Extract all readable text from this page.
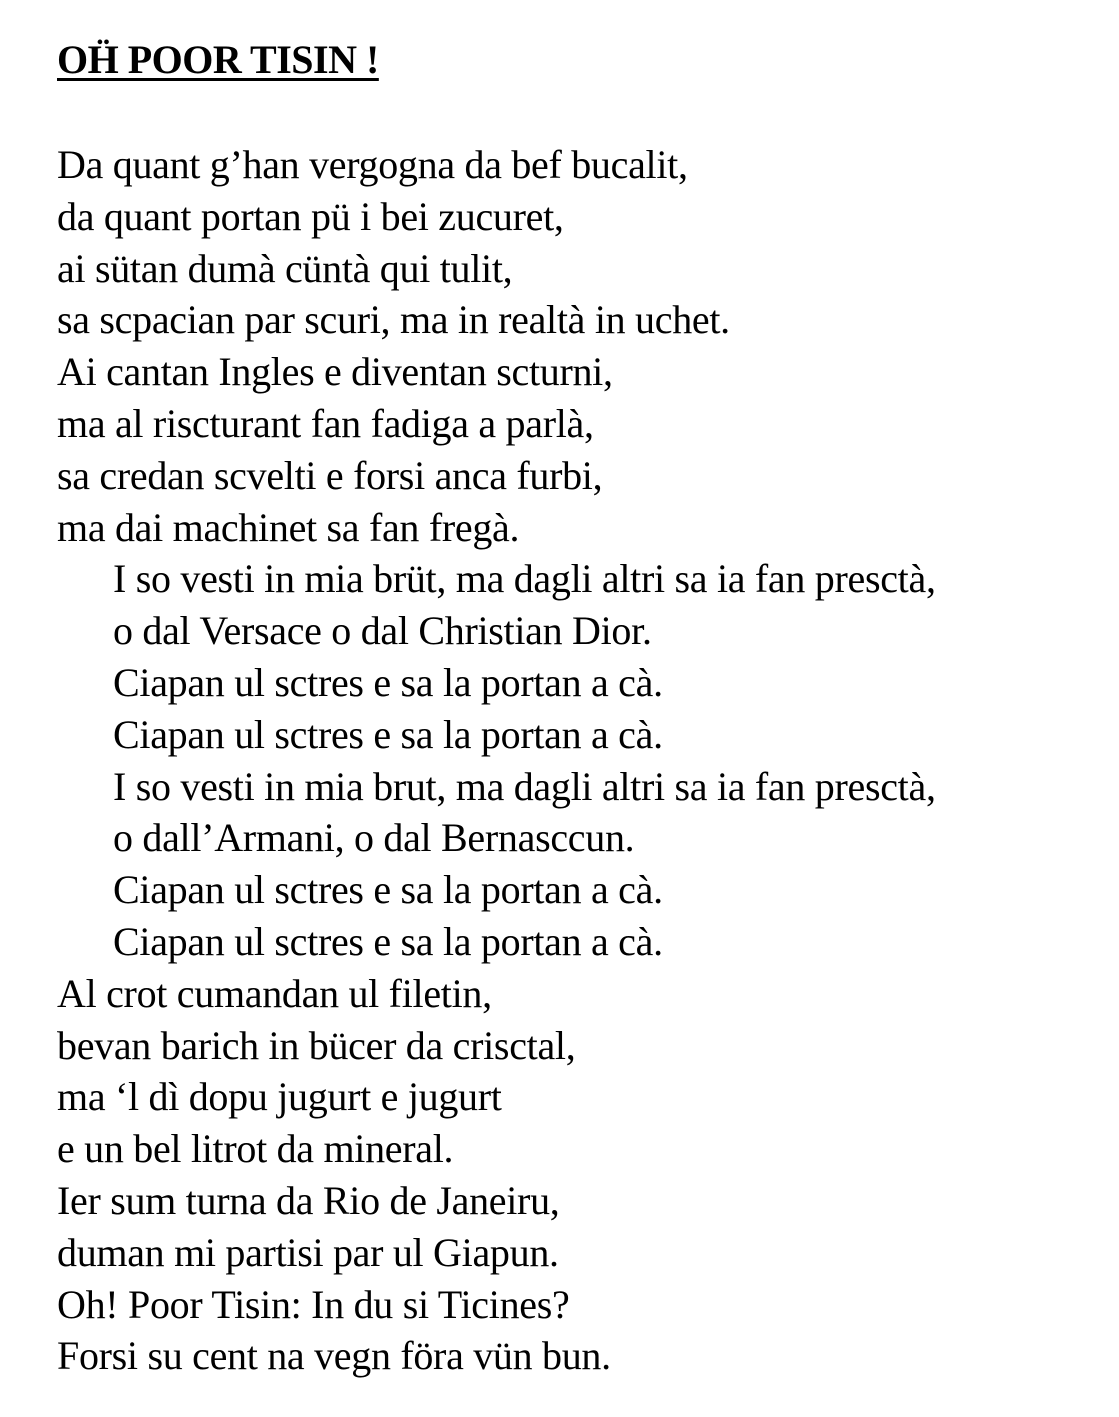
OḦ POOR TISIN !
Da quant g’han vergogna da bef bucalit,
da quant portan pü i bei zucuret,
ai sütan dumà cüntà qui tulit,
sa scpacian par scuri, ma in realtà in uchet.
Ai cantan Ingles e diventan scturni,
ma al riscturant fan fadiga a parlà,
sa credan scvelti e forsi anca furbi,
ma dai machinet sa fan fregà.
I so vesti in mia brüt, ma dagli altri sa ia fan presctà,
o dal Versace o dal Christian Dior.
Ciapan ul sctres e sa la portan a cà.
Ciapan ul sctres e sa la portan a cà.
I so vesti in mia brut, ma dagli altri sa ia fan presctà,
o dall’Armani, o dal Bernasccun.
Ciapan ul sctres e sa la portan a cà.
Ciapan ul sctres e sa la portan a cà.
Al crot cumandan ul filetin,
bevan barich in bücer da crisctal,
ma ‘l dì dopu jugurt e jugurt
e un bel litrot da mineral.
Ier sum turna da Rio de Janeiru,
duman mi partisi par ul Giapun.
Oh! Poor Tisin: In du si Ticines?
Forsi su cent na vegn föra vün bun.
